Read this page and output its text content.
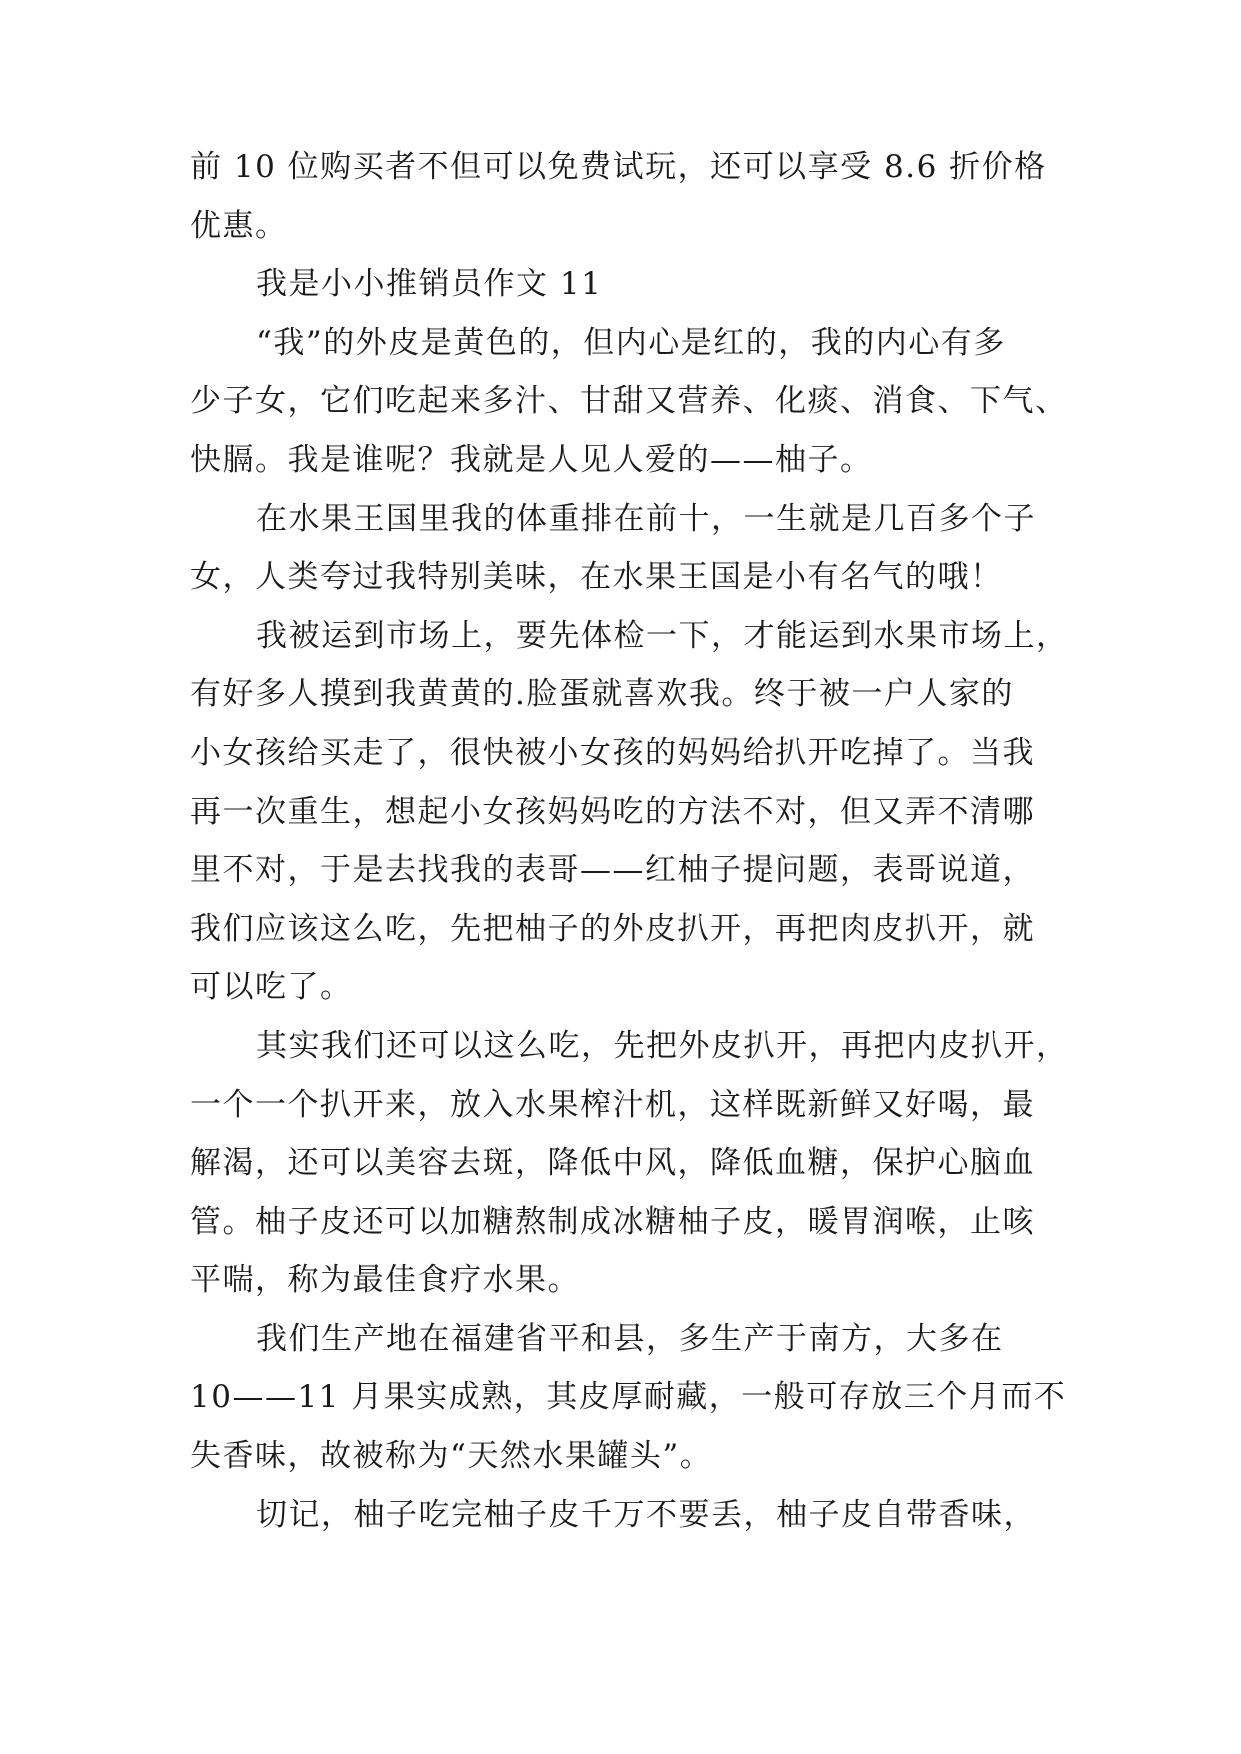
前 10 位购买者不但可以免费试玩，还可以享受 8.6 折价格
优惠。
我是小小推销员作文 11
“我”的外皮是黄色的，但内心是红的，我的内心有多
少子女，它们吃起来多汁、甘甜又营养、化痰、消食、下气、
快膈。我是谁呢？我就是人见人爱的——柚子。
在水果王国里我的体重排在前十，一生就是几百多个子
女，人类夸过我特别美味，在水果王国是小有名气的哦！
我被运到市场上，要先体检一下，才能运到水果市场上，
有好多人摸到我黄黄的.脸蛋就喜欢我。终于被一户人家的
小女孩给买走了，很快被小女孩的妈妈给扒开吃掉了。当我
再一次重生，想起小女孩妈妈吃的方法不对，但又弄不清哪
里不对，于是去找我的表哥——红柚子提问题，表哥说道，
我们应该这么吃，先把柚子的外皮扒开，再把肉皮扒开，就
可以吃了。
其实我们还可以这么吃，先把外皮扒开，再把内皮扒开，
一个一个扒开来，放入水果榨汁机，这样既新鲜又好喝，最
解渴，还可以美容去斑，降低中风，降低血糖，保护心脑血
管。柚子皮还可以加糖熬制成冰糖柚子皮，暖胃润喉，止咳
平喘，称为最佳食疗水果。
我们生产地在福建省平和县，多生产于南方，大多在
10——11 月果实成熟，其皮厚耐藏，一般可存放三个月而不
失香味，故被称为“天然水果罐头”。
切记，柚子吃完柚子皮千万不要丢，柚子皮自带香味，
